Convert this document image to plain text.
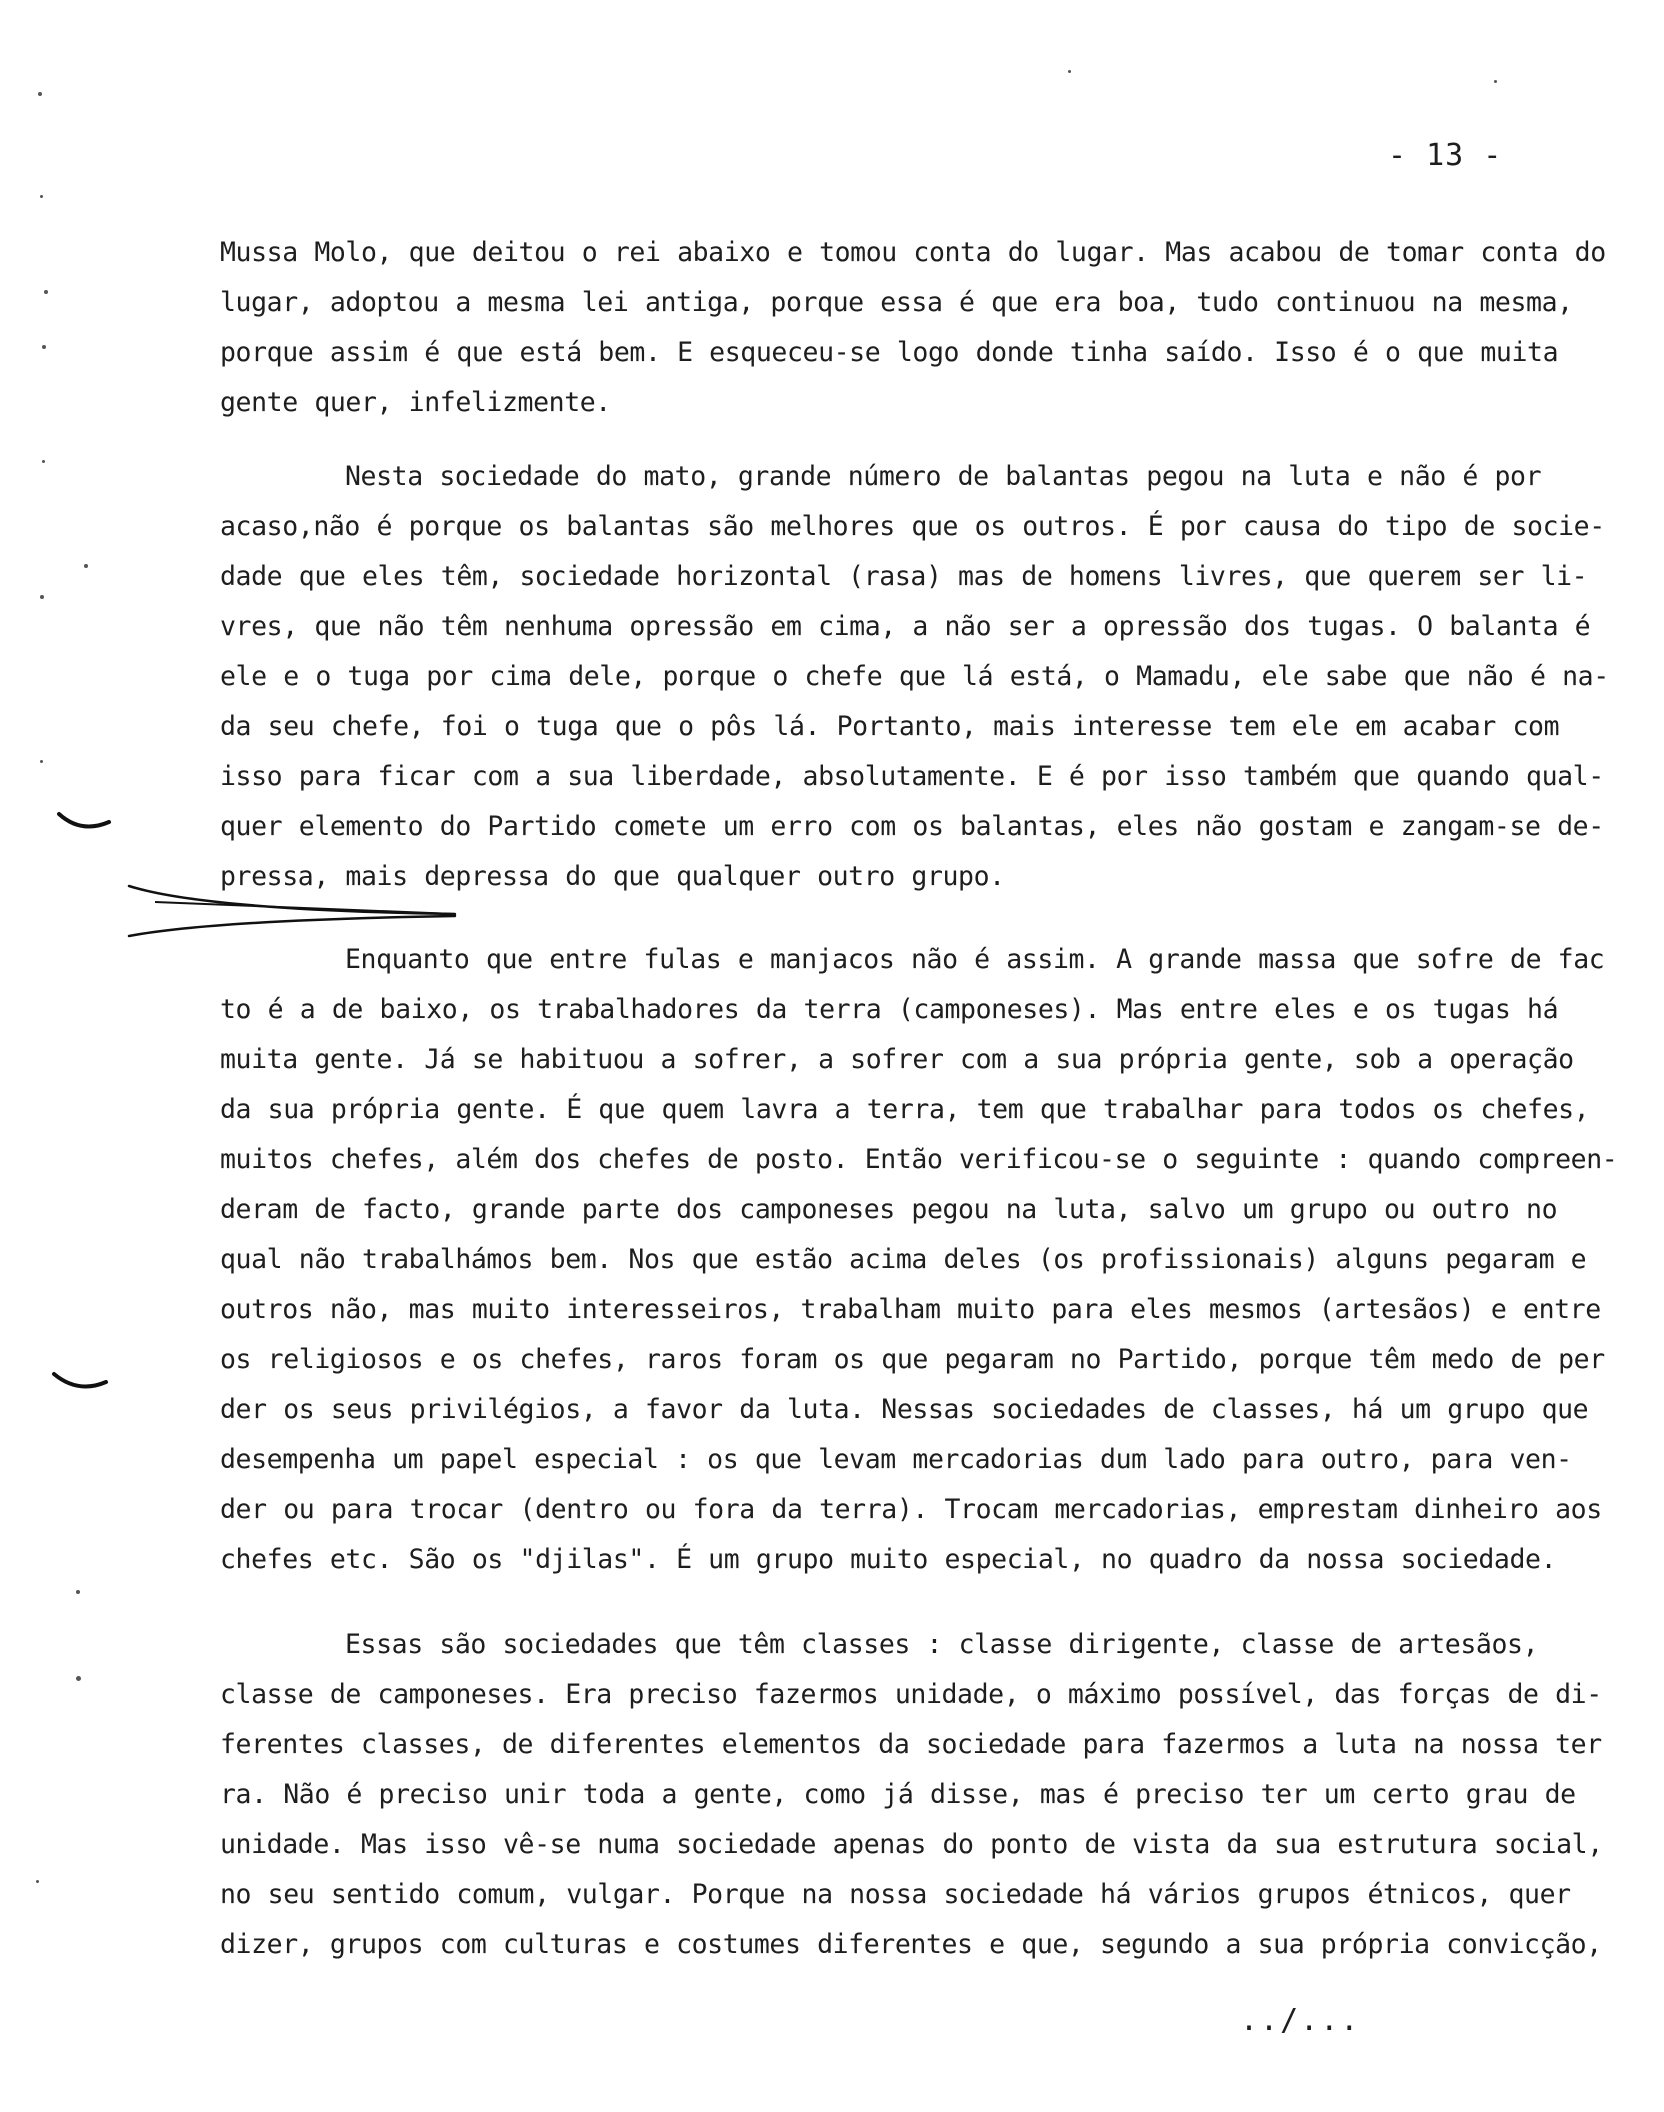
- 13 -
Mussa Molo, que deitou o rei abaixo e tomou conta do lugar. Mas acabou de tomar conta do
lugar, adoptou a mesma lei antiga, porque essa é que era boa, tudo continuou na mesma,
porque assim é que está bem. E esqueceu-se logo donde tinha saído. Isso é o que muita
gente quer, infelizmente.
Nesta sociedade do mato, grande número de balantas pegou na luta e não é por
acaso,não é porque os balantas são melhores que os outros. É por causa do tipo de socie-
dade que eles têm, sociedade horizontal (rasa) mas de homens livres, que querem ser li-
vres, que não têm nenhuma opressão em cima, a não ser a opressão dos tugas. O balanta é
ele e o tuga por cima dele, porque o chefe que lá está, o Mamadu, ele sabe que não é na-
da seu chefe, foi o tuga que o pôs lá. Portanto, mais interesse tem ele em acabar com
isso para ficar com a sua liberdade, absolutamente. E é por isso também que quando qual-
quer elemento do Partido comete um erro com os balantas, eles não gostam e zangam-se de-
pressa, mais depressa do que qualquer outro grupo.
Enquanto que entre fulas e manjacos não é assim. A grande massa que sofre de fac
to é a de baixo, os trabalhadores da terra (camponeses). Mas entre eles e os tugas há
muita gente. Já se habituou a sofrer, a sofrer com a sua própria gente, sob a operação
da sua própria gente. É que quem lavra a terra, tem que trabalhar para todos os chefes,
muitos chefes, além dos chefes de posto. Então verificou-se o seguinte : quando compreen-
deram de facto, grande parte dos camponeses pegou na luta, salvo um grupo ou outro no
qual não trabalhámos bem. Nos que estão acima deles (os profissionais) alguns pegaram e
outros não, mas muito interesseiros, trabalham muito para eles mesmos (artesãos) e entre
os religiosos e os chefes, raros foram os que pegaram no Partido, porque têm medo de per
der os seus privilégios, a favor da luta. Nessas sociedades de classes, há um grupo que
desempenha um papel especial : os que levam mercadorias dum lado para outro, para ven-
der ou para trocar (dentro ou fora da terra). Trocam mercadorias, emprestam dinheiro aos
chefes etc. São os "djilas". É um grupo muito especial, no quadro da nossa sociedade.
Essas são sociedades que têm classes : classe dirigente, classe de artesãos,
classe de camponeses. Era preciso fazermos unidade, o máximo possível, das forças de di-
ferentes classes, de diferentes elementos da sociedade para fazermos a luta na nossa ter
ra. Não é preciso unir toda a gente, como já disse, mas é preciso ter um certo grau de
unidade. Mas isso vê-se numa sociedade apenas do ponto de vista da sua estrutura social,
no seu sentido comum, vulgar. Porque na nossa sociedade há vários grupos étnicos, quer
dizer, grupos com culturas e costumes diferentes e que, segundo a sua própria convicção,
../...
